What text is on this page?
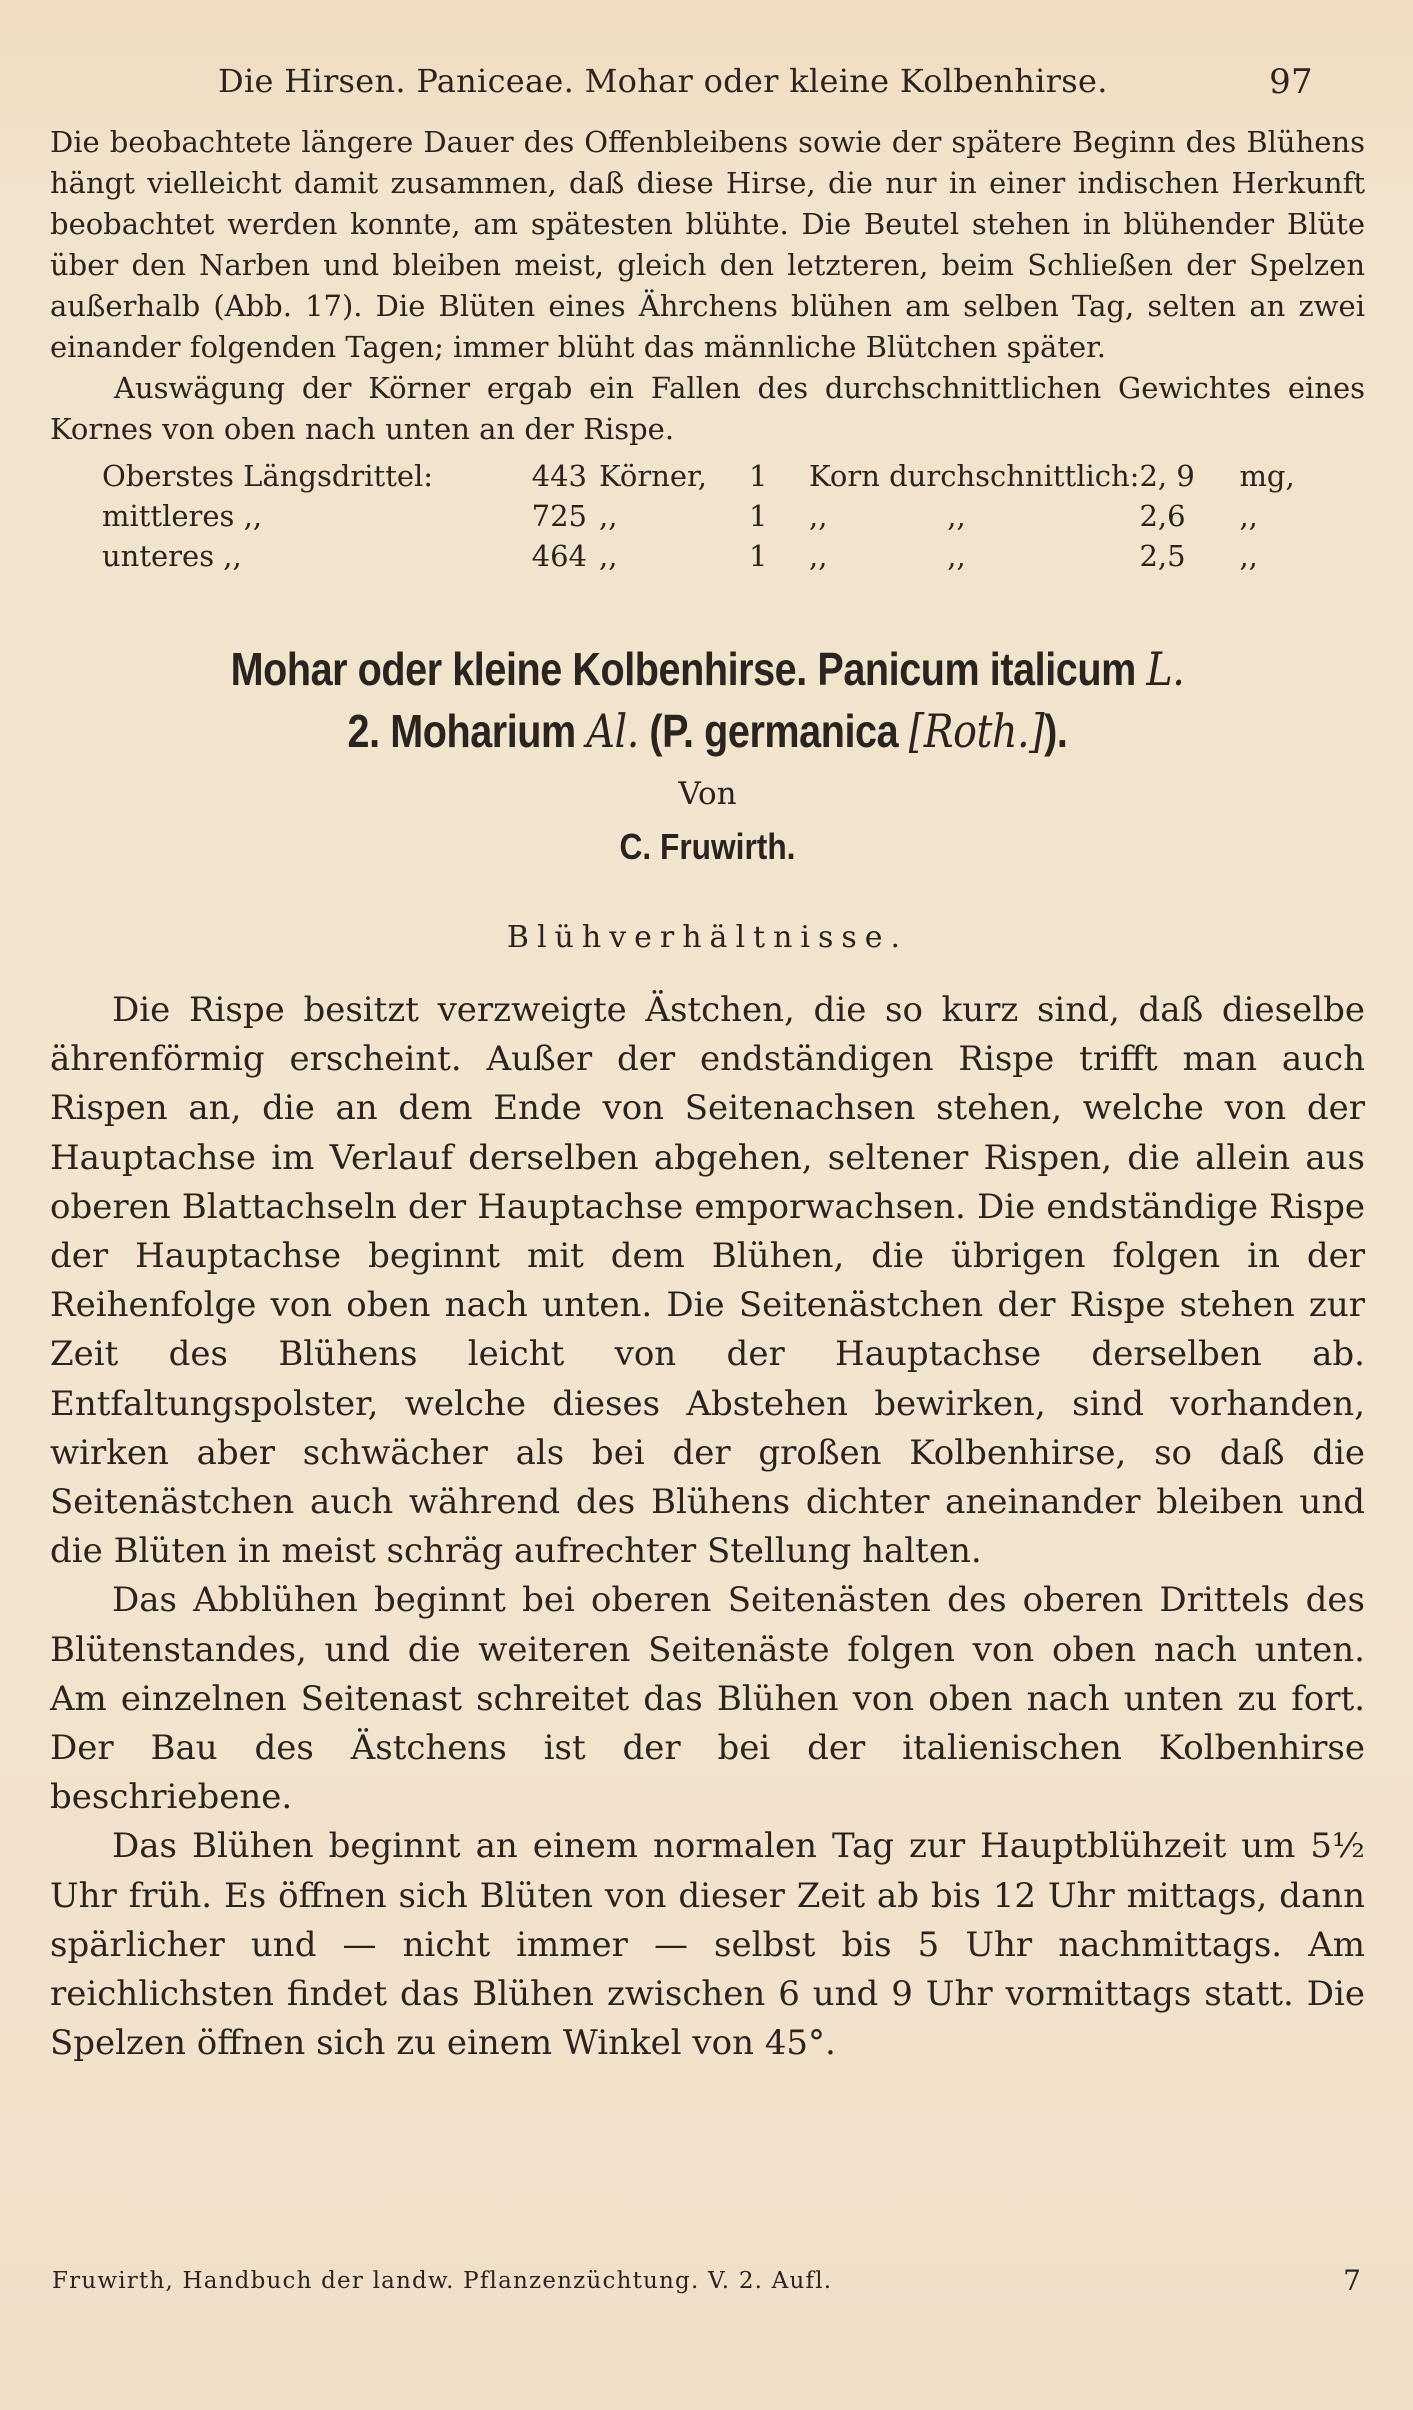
Die Hirsen. Paniceae. Mohar oder kleine Kolbenhirse.	97

Die beobachtete längere Dauer des Offenbleibens sowie der spätere Beginn des Blühens hängt vielleicht damit zusammen, daß diese Hirse, die nur in einer indischen Herkunft beobachtet werden konnte, am spätesten blühte. Die Beutel stehen in blühender Blüte über den Narben und bleiben meist, gleich den letzteren, beim Schließen der Spelzen außerhalb (Abb. 17). Die Blüten eines Ährchens blühen am selben Tag, selten an zwei einander folgenden Tagen; immer blüht das männliche Blütchen später.

Auswägung der Körner ergab ein Fallen des durchschnittlichen Gewichtes eines Kornes von oben nach unten an der Rispe.

Oberstes Längsdrittel:	443	Körner,	1	Korn durchschnittlich:	2, 9	mg,
mittleres ,,	725	,,	1	,,             ,,	2,6	,,
unteres ,,	464	,,	1	,,             ,,	2,5	,,
Mohar oder kleine Kolbenhirse. Panicum italicum L.
2. Moharium Al. (P. germanica [Roth.]).

Von

C. Fruwirth.

Blühverhältnisse.

Die Rispe besitzt verzweigte Ästchen, die so kurz sind, daß dieselbe ährenförmig erscheint. Außer der endständigen Rispe trifft man auch Rispen an, die an dem Ende von Seitenachsen stehen, welche von der Hauptachse im Verlauf derselben abgehen, seltener Rispen, die allein aus oberen Blattachseln der Hauptachse emporwachsen. Die endständige Rispe der Hauptachse beginnt mit dem Blühen, die übrigen folgen in der Reihenfolge von oben nach unten. Die Seitenästchen der Rispe stehen zur Zeit des Blühens leicht von der Hauptachse derselben ab. Entfaltungspolster, welche dieses Abstehen bewirken, sind vorhanden, wirken aber schwächer als bei der großen Kolbenhirse, so daß die Seitenästchen auch während des Blühens dichter aneinander bleiben und die Blüten in meist schräg aufrechter Stellung halten.

Das Abblühen beginnt bei oberen Seitenästen des oberen Drittels des Blütenstandes, und die weiteren Seitenäste folgen von oben nach unten. Am einzelnen Seitenast schreitet das Blühen von oben nach unten zu fort. Der Bau des Ästchens ist der bei der italienischen Kolbenhirse beschriebene.

Das Blühen beginnt an einem normalen Tag zur Hauptblühzeit um 5½ Uhr früh. Es öffnen sich Blüten von dieser Zeit ab bis 12 Uhr mittags, dann spärlicher und — nicht immer — selbst bis 5 Uhr nachmittags. Am reichlichsten findet das Blühen zwischen 6 und 9 Uhr vormittags statt. Die Spelzen öffnen sich zu einem Winkel von 45°.

Fruwirth, Handbuch der landw. Pflanzenzüchtung. V. 2. Aufl.	7
